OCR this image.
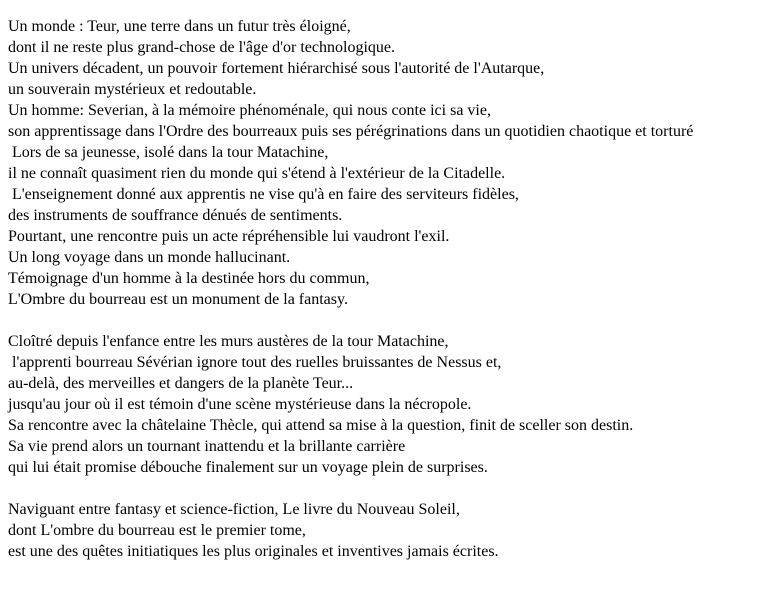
Un monde : Teur, une terre dans un futur très éloigné,
dont il ne reste plus grand-chose de l'âge d'or technologique.
Un univers décadent, un pouvoir fortement hiérarchisé sous l'autorité de l'Autarque,
un souverain mystérieux et redoutable.
Un homme: Severian, à la mémoire phénoménale, qui nous conte ici sa vie,
son apprentissage dans l'Ordre des bourreaux puis ses pérégrinations dans un quotidien chaotique et torturé
Lors de sa jeunesse, isolé dans la tour Matachine,
il ne connaît quasiment rien du monde qui s'étend à l'extérieur de la Citadelle.
L'enseignement donné aux apprentis ne vise qu'à en faire des serviteurs fidèles,
des instruments de souffrance dénués de sentiments.
Pourtant, une rencontre puis un acte répréhensible lui vaudront l'exil.
Un long voyage dans un monde hallucinant.
Témoignage d'un homme à la destinée hors du commun,
L'Ombre du bourreau est un monument de la fantasy.
Cloîtré depuis l'enfance entre les murs austères de la tour Matachine,
l'apprenti bourreau Sévérian ignore tout des ruelles bruissantes de Nessus et,
au-delà, des merveilles et dangers de la planète Teur...
jusqu'au jour où il est témoin d'une scène mystérieuse dans la nécropole.
Sa rencontre avec la châtelaine Thècle, qui attend sa mise à la question, finit de sceller son destin.
Sa vie prend alors un tournant inattendu et la brillante carrière
qui lui était promise débouche finalement sur un voyage plein de surprises.
Naviguant entre fantasy et science-fiction, Le livre du Nouveau Soleil,
dont L'ombre du bourreau est le premier tome,
est une des quêtes initiatiques les plus originales et inventives jamais écrites.
